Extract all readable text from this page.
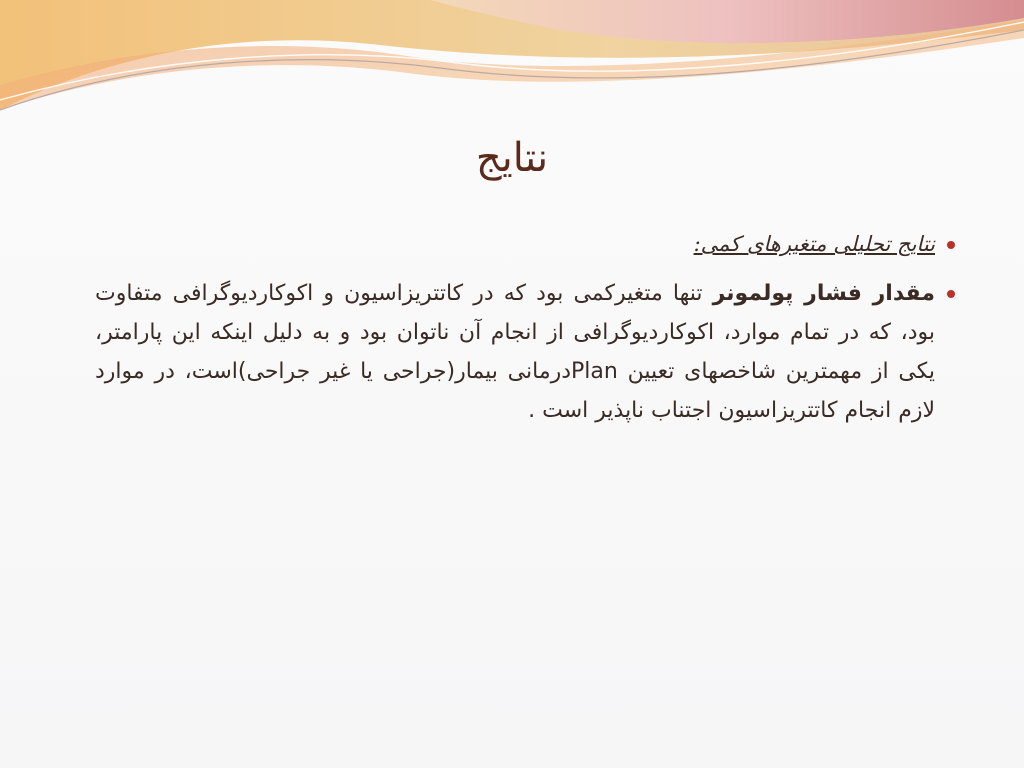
نتایج
نتایج تحلیلی متغیرهای کمی:
مقدار فشار پولمونر تنها متغیرکمی بود که در کاتتریزاسیون و اکوکاردیوگرافی متفاوت بود، که در تمام موارد، اکوکاردیوگرافی از انجام آن ناتوان بود و به دلیل اینکه این پارامتر، یکی از مهمترین شاخصهای تعیین Planدرمانی بیمار(جراحی یا غیر جراحی)است، در موارد لازم انجام کاتتریزاسیون اجتناب ناپذیر است .
